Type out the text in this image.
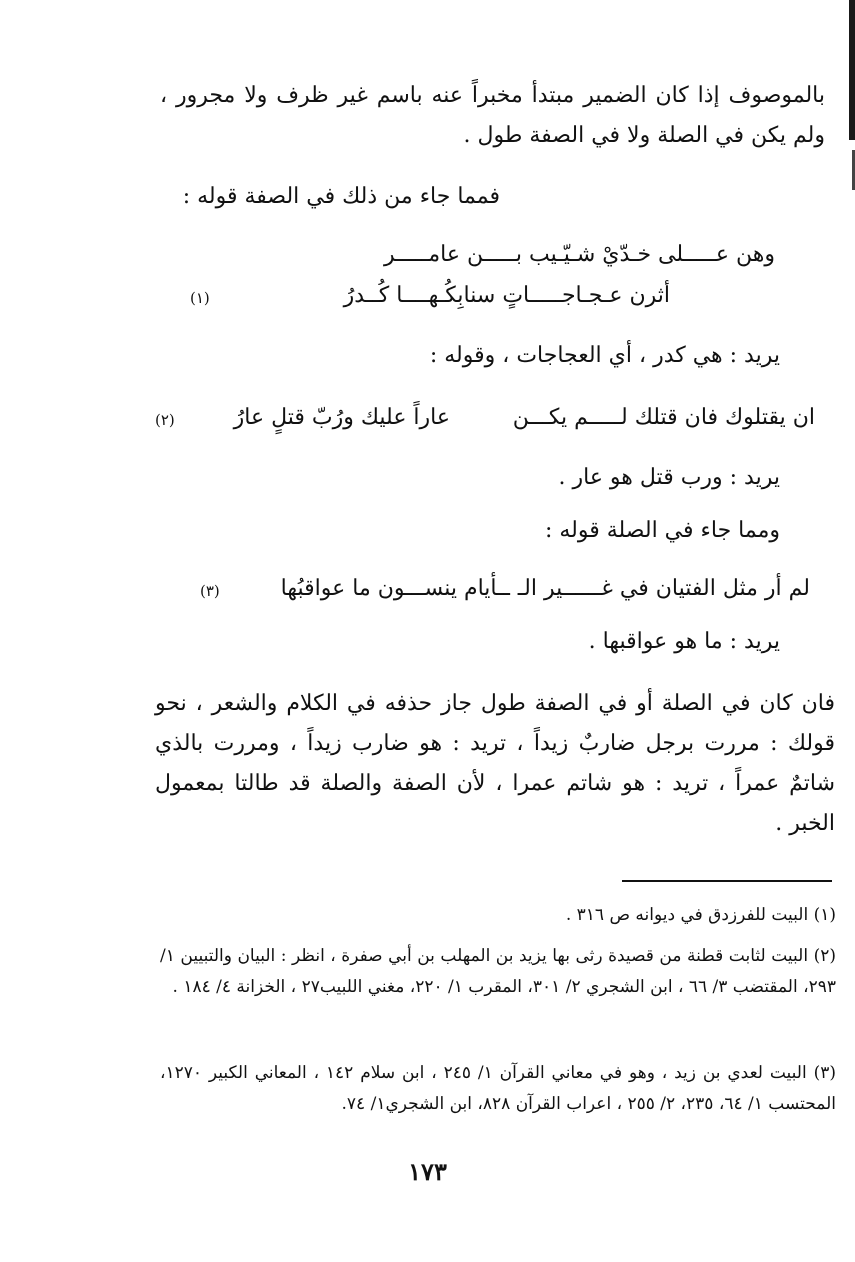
بالموصوف إذا كان الضمير مبتدأ مخبراً عنه باسم غير ظرف ولا مجرور ، ولم يكن في الصلة ولا في الصفة طول .
فمما جاء من ذلك في الصفة قوله :
وهن عـــــلى خـدّيْ شـيّـيب بـــــن عامـــــر
أثرن عـجـاجـــــاتٍ سنابِكُـهــــا كُــدرُ
(١)
يريد : هي كدر ، أي العجاجات ، وقوله :
ان يقتلوك فان قتلك لـــــم يكـــن
عاراً عليك ورُبّ قتلٍ عارُ
(٢)
يريد : ورب قتل هو عار .
ومما جاء في الصلة قوله :
لم أر مثل الفتيان في غــــــير الـ
ــأيام ينســـون ما عواقبُها
(٣)
يريد : ما هو عواقبها .
فان كان في الصلة أو في الصفة طول جاز حذفه في الكلام والشعر ، نحو قولك : مررت برجل ضاربٌ زيداً ، تريد : هو ضارب زيداً ، ومررت بالذي شاتمٌ عمراً ، تريد : هو شاتم عمرا ، لأن الصفة والصلة قد طالتا بمعمول الخبر .
(١) البيت للفرزدق في ديوانه ص ٣١٦ .
(٢) البيت لثابت قطنة من قصيدة رثى بها يزيد بن المهلب بن أبي صفرة ، انظر : البيان والتبيين ١/ ٢٩٣، المقتضب ٣/ ٦٦ ، ابن الشجري ٢/ ٣٠١، المقرب ١/ ٢٢٠، مغني اللبيب٢٧ ، الخزانة ٤/ ١٨٤ .
(٣) البيت لعدي بن زيد ، وهو في معاني القرآن ١/ ٢٤٥ ، ابن سلام ١٤٢ ، المعاني الكبير ١٢٧٠، المحتسب ١/ ٦٤، ٢٣٥، ٢/ ٢٥٥ ، اعراب القرآن ٨٢٨، ابن الشجري١/ ٧٤.
١٧٣
